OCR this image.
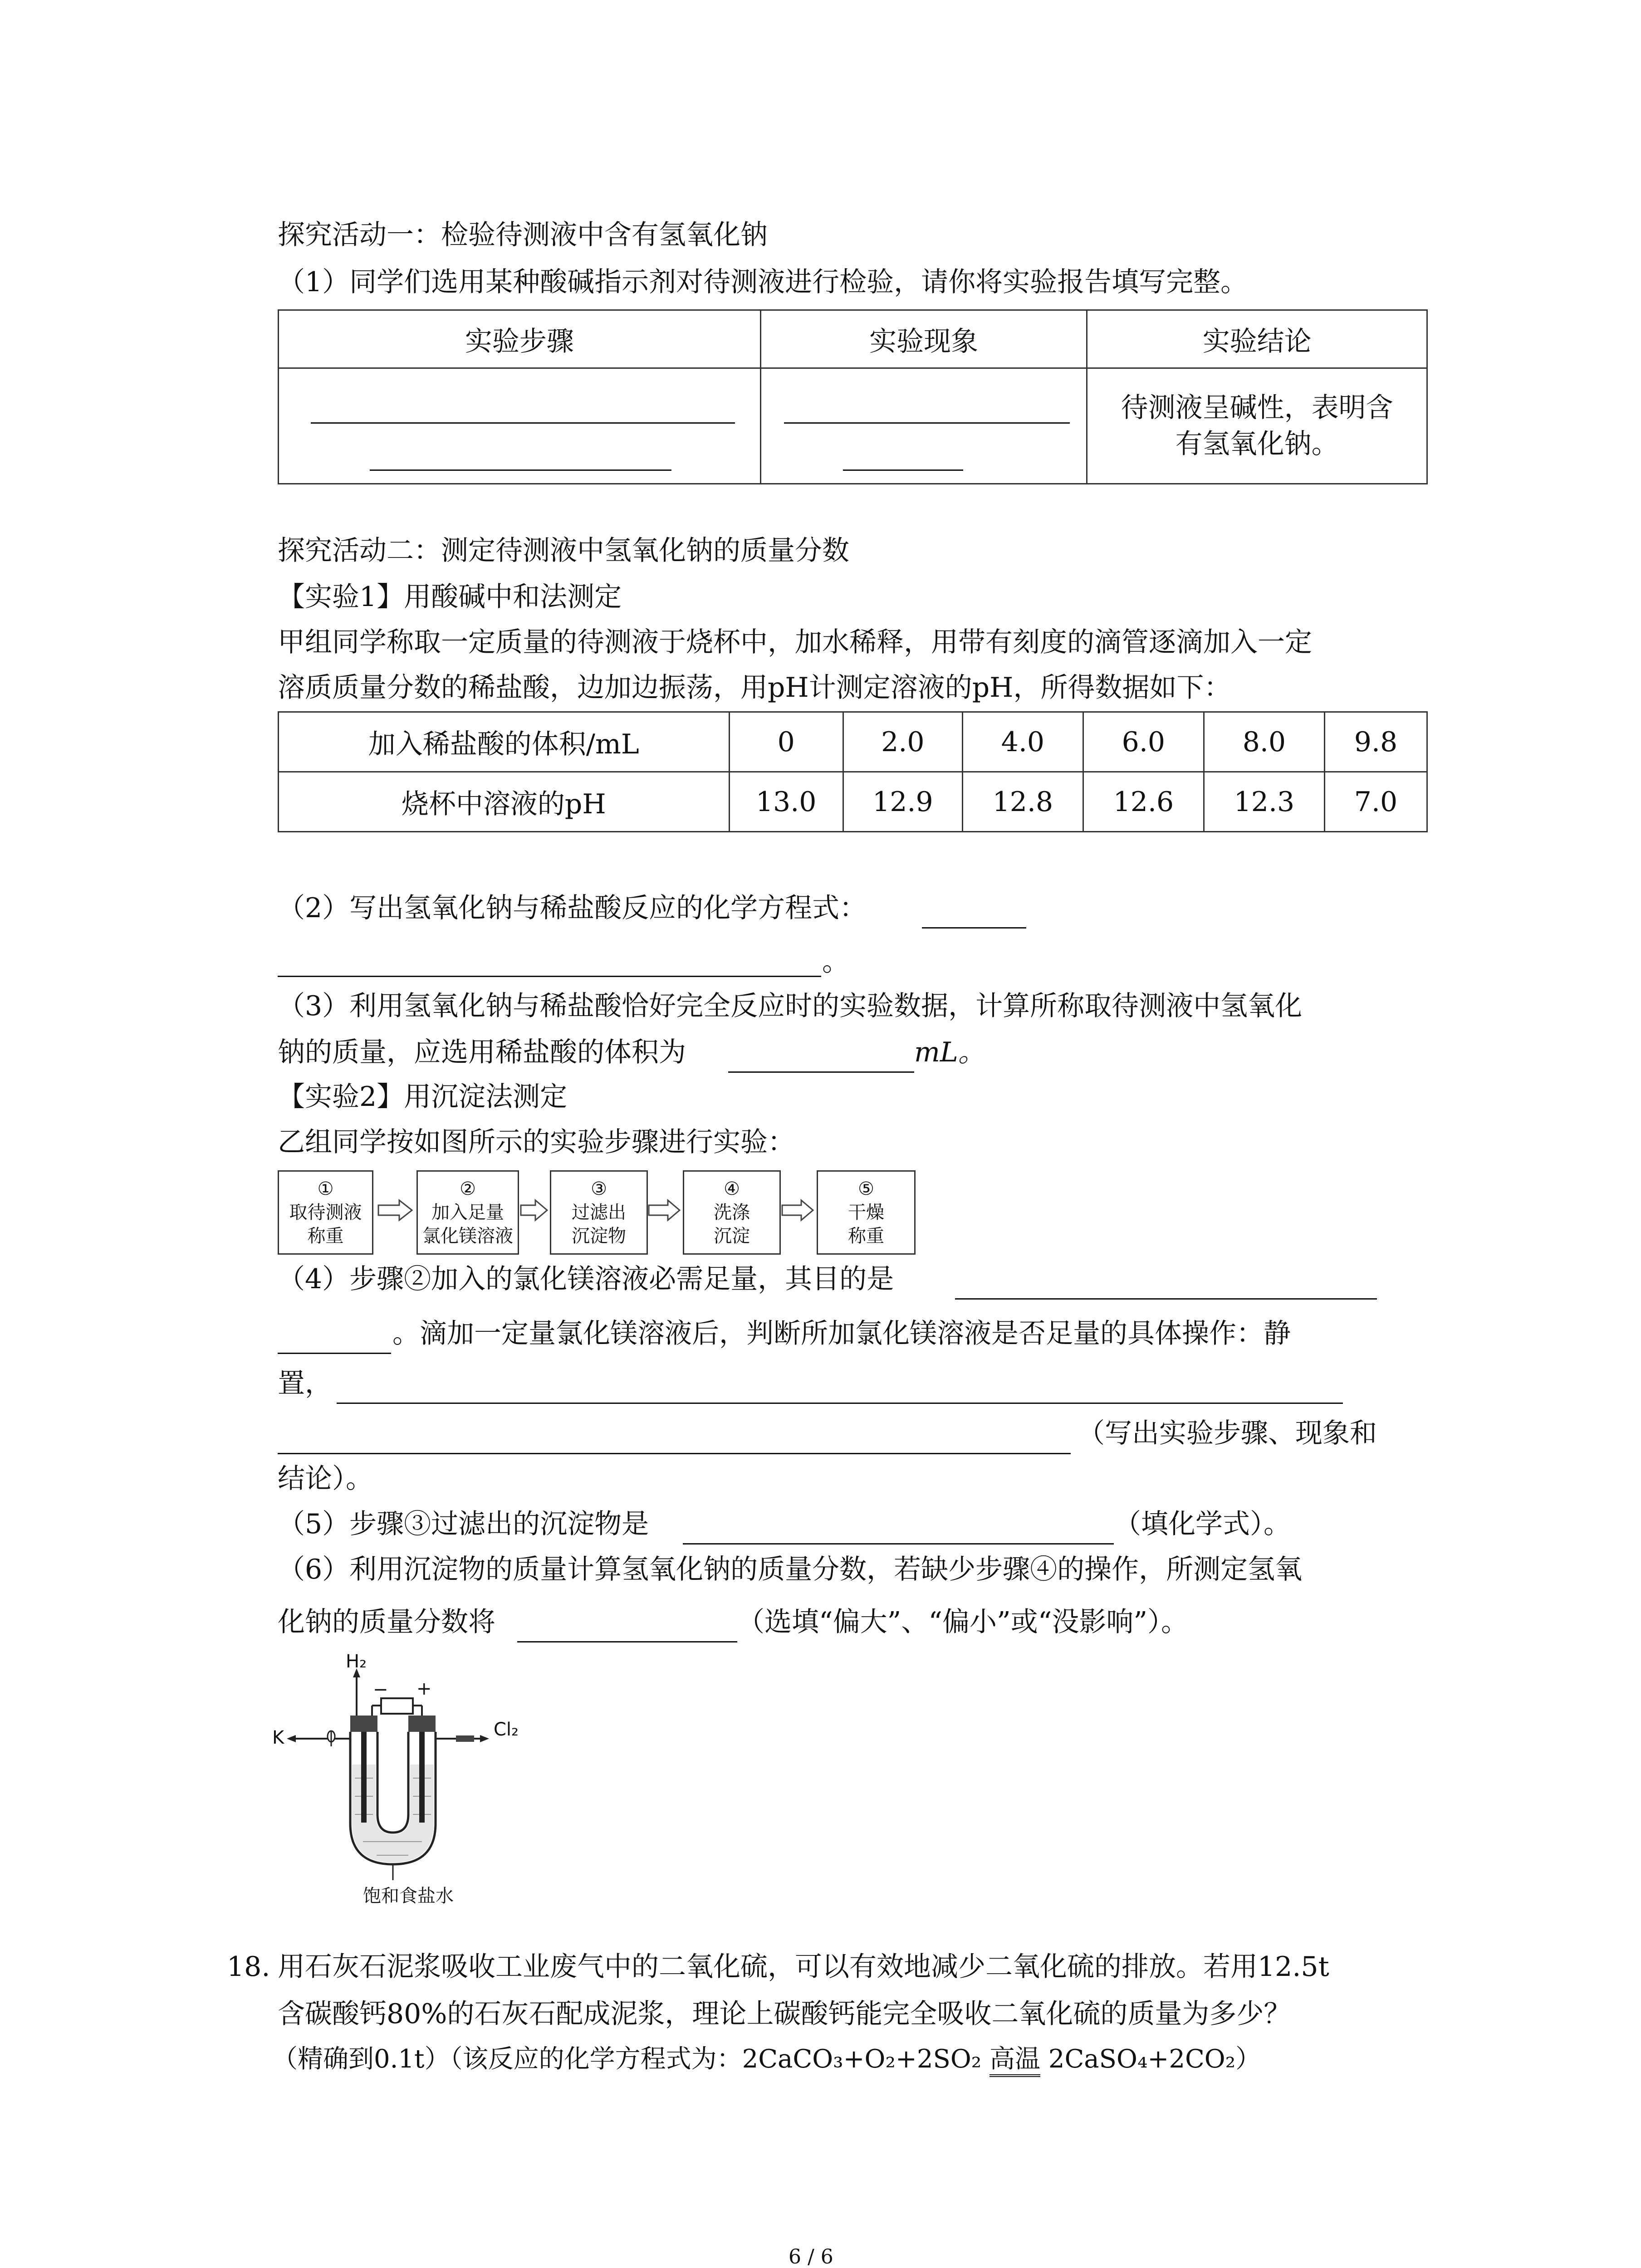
探究活动一：检验待测液中含有氢氧化钠
（1）同学们选用某种酸碱指示剂对待测液进行检验，请你将实验报告填写完整。
实验步骤	实验现象	实验结论

		待测液呈碱性，表明含
有氢氧化钠。
探究活动二：测定待测液中氢氧化钠的质量分数
【实验1】用酸碱中和法测定
甲组同学称取一定质量的待测液于烧杯中，加水稀释，用带有刻度的滴管逐滴加入一定
溶质质量分数的稀盐酸，边加边振荡，用pH计测定溶液的pH，所得数据如下：
加入稀盐酸的体积/mL	0	2.0	4.0	6.0	8.0	9.8
烧杯中溶液的pH	13.0	12.9	12.8	12.6	12.3	7.0
（2）写出氢氧化钠与稀盐酸反应的化学方程式：
。
（3）利用氢氧化钠与稀盐酸恰好完全反应时的实验数据，计算所称取待测液中氢氧化
钠的质量，应选用稀盐酸的体积为	mL。
【实验2】用沉淀法测定
乙组同学按如图所示的实验步骤进行实验：
①
取待测液
称重
②
加入足量
氯化镁溶液
③
过滤出
沉淀物
④
洗涤
沉淀
⑤
干燥
称重
（4）步骤②加入的氯化镁溶液必需足量，其目的是
。滴加一定量氯化镁溶液后，判断所加氯化镁溶液是否足量的具体操作：静
置，
（写出实验步骤、现象和
结论）。
（5）步骤③过滤出的沉淀物是	（填化学式）。
（6）利用沉淀物的质量计算氢氧化钠的质量分数，若缺少步骤④的操作，所测定氢氧
化钠的质量分数将	（选填“偏大”、“偏小”或“没影响”）。
H₂
− +
K	Cl₂
饱和食盐水
18. 用石灰石泥浆吸收工业废气中的二氧化硫，可以有效地减少二氧化硫的排放。若用12.5t
含碳酸钙80%的石灰石配成泥浆，理论上碳酸钙能完全吸收二氧化硫的质量为多少？
（精确到0.1t）（该反应的化学方程式为：2CaCO₃+O₂+2SO₂ 高温 2CaSO₄+2CO₂）
6 / 6
